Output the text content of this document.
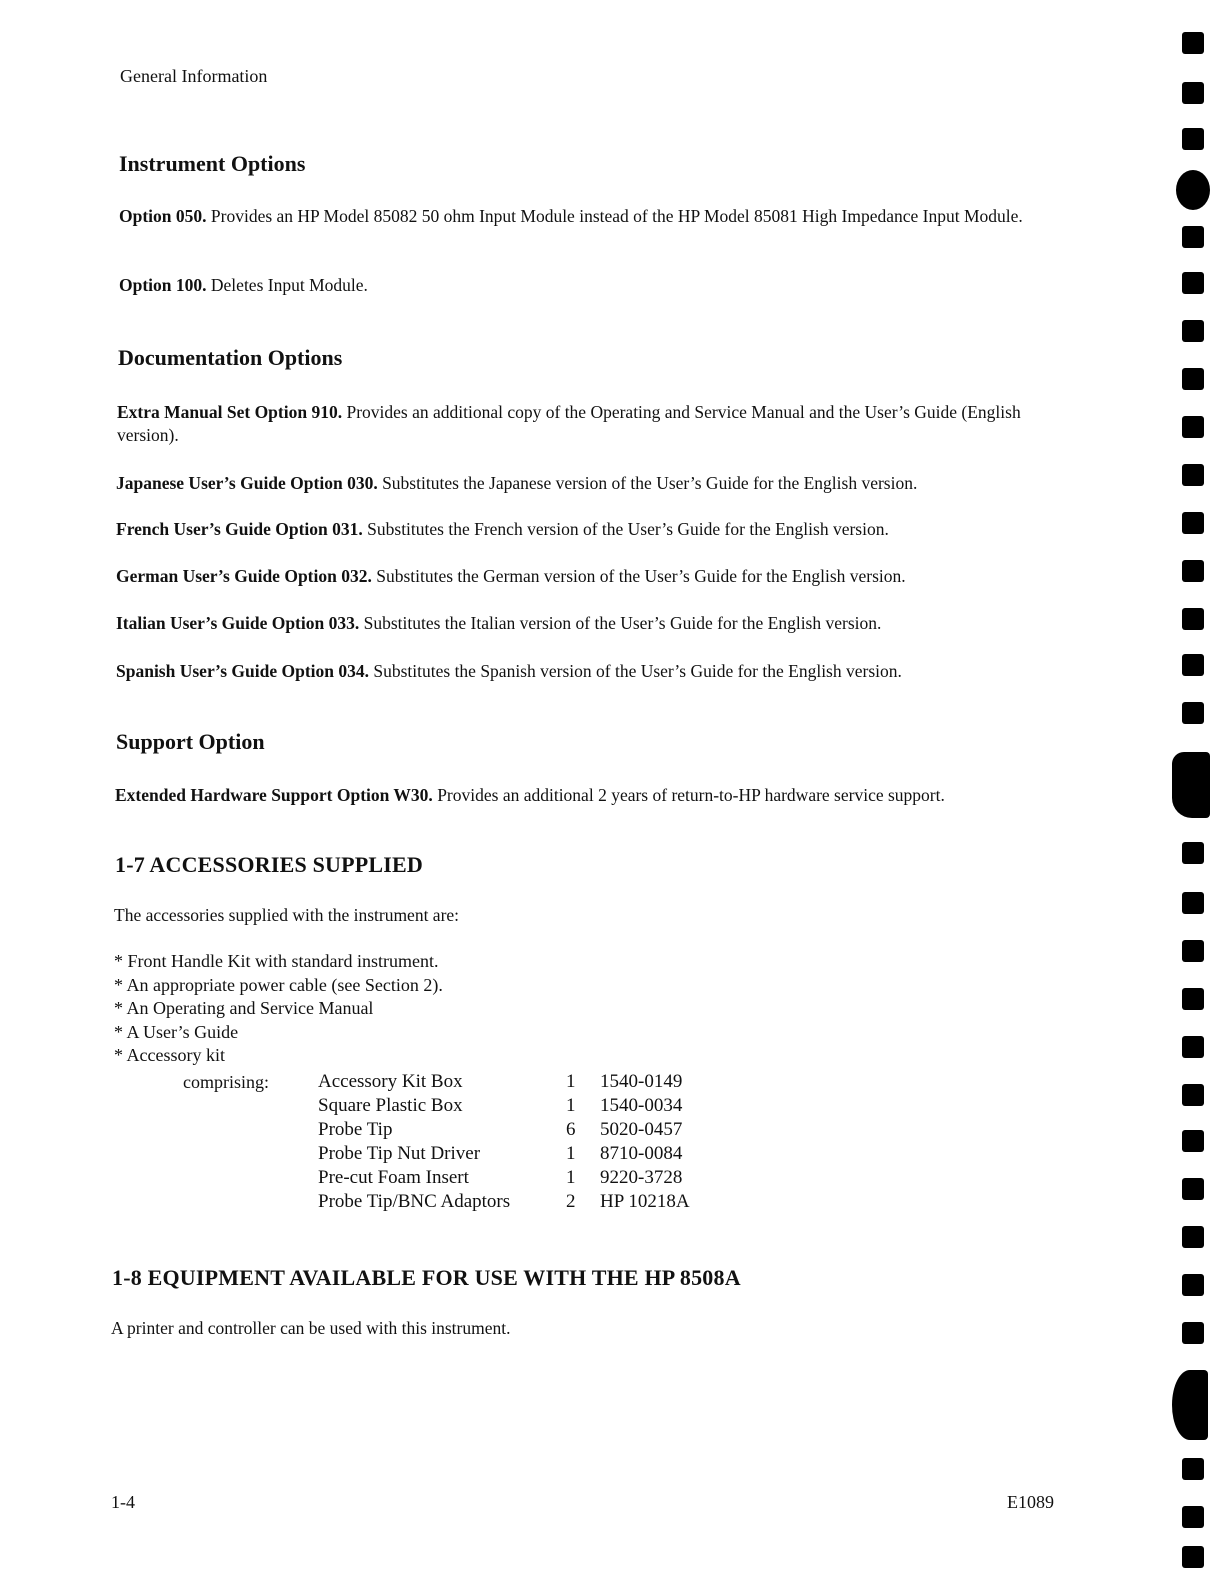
General Information
Instrument Options
Option 050. Provides an HP Model 85082 50 ohm Input Module instead of the HP Model 85081 High Impedance Input Module.
Option 100. Deletes Input Module.
Documentation Options
Extra Manual Set Option 910. Provides an additional copy of the Operating and Service Manual and the User’s Guide (English version).
Japanese User’s Guide Option 030. Substitutes the Japanese version of the User’s Guide for the English version.
French User’s Guide Option 031. Substitutes the French version of the User’s Guide for the English version.
German User’s Guide Option 032. Substitutes the German version of the User’s Guide for the English version.
Italian User’s Guide Option 033. Substitutes the Italian version of the User’s Guide for the English version.
Spanish User’s Guide Option 034. Substitutes the Spanish version of the User’s Guide for the English version.
Support Option
Extended Hardware Support Option W30. Provides an additional 2 years of return-to-HP hardware service support.
1-7 ACCESSORIES SUPPLIED
The accessories supplied with the instrument are:
* Front Handle Kit with standard instrument.
* An appropriate power cable (see Section 2).
* An Operating and Service Manual
* A User’s Guide
* Accessory kit
comprising:	Accessory Kit Box	1	1540-0149
Square Plastic Box	1	1540-0034
Probe Tip	6	5020-0457
Probe Tip Nut Driver	1	8710-0084
Pre-cut Foam Insert	1	9220-3728
Probe Tip/BNC Adaptors	2	HP 10218A
1-8 EQUIPMENT AVAILABLE FOR USE WITH THE HP 8508A
A printer and controller can be used with this instrument.
1-4	E1089
